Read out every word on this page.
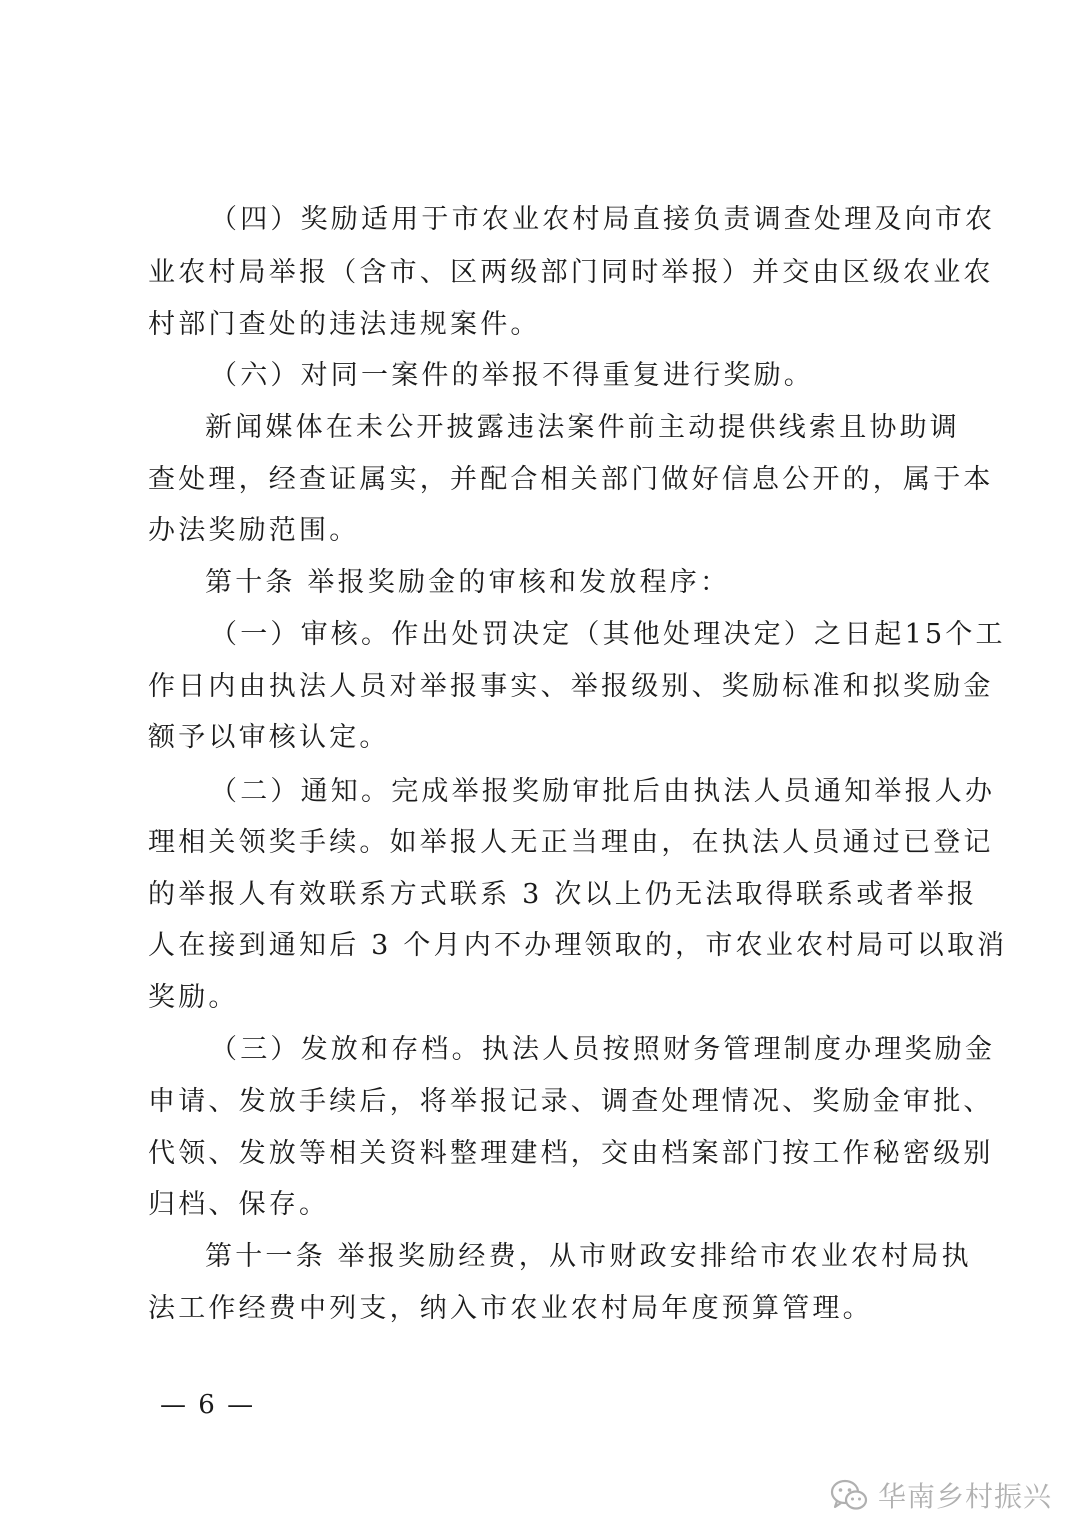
（四）奖励适用于市农业农村局直接负责调查处理及向市农
业农村局举报（含市、区两级部门同时举报）并交由区级农业农
村部门查处的违法违规案件。
（六）对同一案件的举报不得重复进行奖励。
新闻媒体在未公开披露违法案件前主动提供线索且协助调
查处理，经查证属实，并配合相关部门做好信息公开的，属于本
办法奖励范围。
第十条 举报奖励金的审核和发放程序：
（一）审核。作出处罚决定（其他处理决定）之日起15个工
作日内由执法人员对举报事实、举报级别、奖励标准和拟奖励金
额予以审核认定。
（二）通知。完成举报奖励审批后由执法人员通知举报人办
理相关领奖手续。如举报人无正当理由，在执法人员通过已登记
的举报人有效联系方式联系 3 次以上仍无法取得联系或者举报
人在接到通知后 3 个月内不办理领取的，市农业农村局可以取消
奖励。
（三）发放和存档。执法人员按照财务管理制度办理奖励金
申请、发放手续后，将举报记录、调查处理情况、奖励金审批、
代领、发放等相关资料整理建档，交由档案部门按工作秘密级别
归档、保存。
第十一条 举报奖励经费，从市财政安排给市农业农村局执
法工作经费中列支，纳入市农业农村局年度预算管理。
— 6 —
华南乡村振兴
